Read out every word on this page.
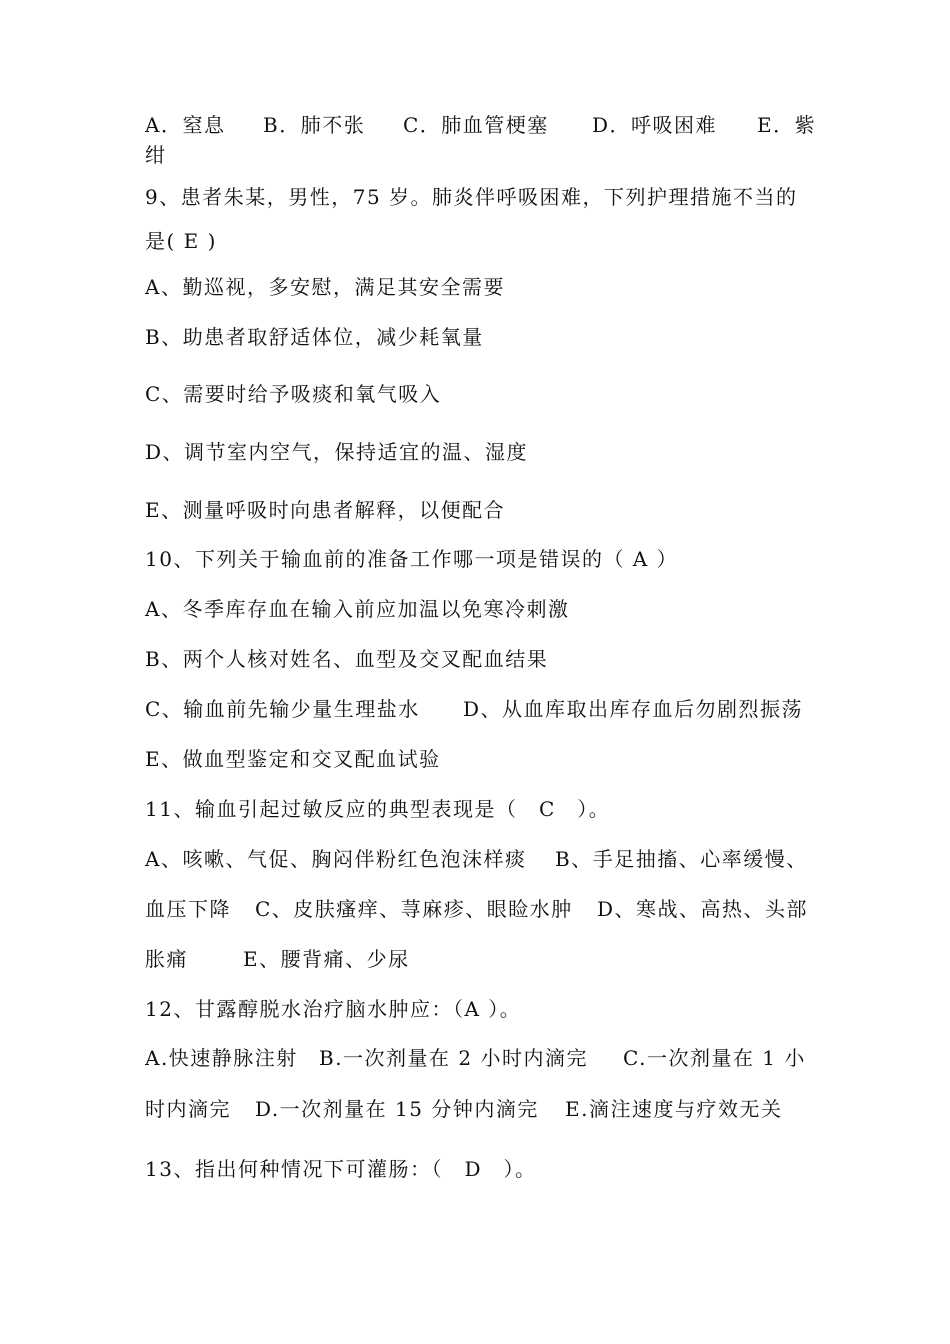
A．窒息 B．肺不张 C．肺血管梗塞 D．呼吸困难 E．紫
绀
9、患者朱某，男性，75 岁。肺炎伴呼吸困难，下列护理措施不当的
是( E )
A、勤巡视，多安慰，满足其安全需要
B、助患者取舒适体位，减少耗氧量
C、需要时给予吸痰和氧气吸入
D、调节室内空气，保持适宜的温、湿度
E、测量呼吸时向患者解释，以便配合
10、下列关于输血前的准备工作哪一项是错误的（ A ）
A、冬季库存血在输入前应加温以免寒冷刺激
B、两个人核对姓名、血型及交叉配血结果
C、输血前先输少量生理盐水 D、从血库取出库存血后勿剧烈振荡
E、做血型鉴定和交叉配血试验
11、输血引起过敏反应的典型表现是（　C　）。
A、咳嗽、气促、胸闷伴粉红色泡沫样痰 B、手足抽搐、心率缓慢、
血压下降 C、皮肤瘙痒、荨麻疹、眼睑水肿 D、寒战、高热、头部
胀痛	E、腰背痛、少尿
12、甘露醇脱水治疗脑水肿应：（A ）。
A.快速静脉注射 B.一次剂量在 2 小时内滴完 C.一次剂量在 1 小
时内滴完 D.一次剂量在 15 分钟内滴完 E.滴注速度与疗效无关
13、指出何种情况下可灌肠：（　D　）。
